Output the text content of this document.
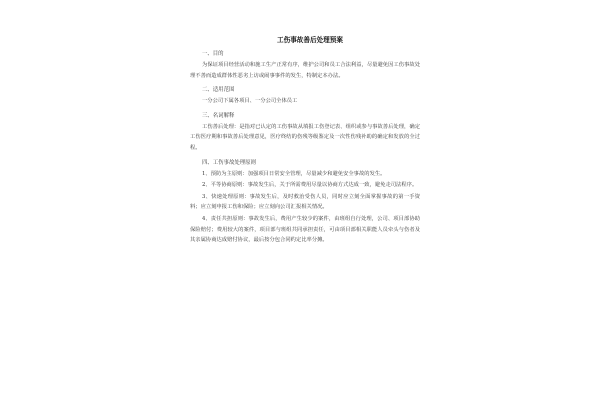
工伤事故善后处理预案
一、目的
为保证项目经营活动和施工生产正常有序，维护公司和员工合法利益，尽量避免因工伤事故处理不善而造成群体性恶劣上访或闹事事件的发生，特制定本办法。
二、适用范围
一分公司下属各项目、一分公司全体员工
三、名词解释
工伤善后处理：是指对已认定的工伤事故从填报工伤登记表、组织或参与事故善后处理，确定工伤医疗期和事故善后处理意见，医疗终结的伤残等级鉴定及一次性伤残补助的确定和发放的全过程。
四、工伤事故处理原则
1、预防为主原则：加强项目日常安全管理，尽量减少和避免安全事故的发生。
2、平等协商原则：事故发生后，关于所需费用尽量以协商方式达成一致，避免走司法程序。
3、快速处理原则：事故发生后，及时救治受伤人员，同时应立刻全面掌握事故的第一手资料；应立刻申报工伤和保险；应立刻向公司汇报相关情况。
4、责任共担原则：事故发生后，费用产生较少的案件，由班组自行处理，公司、项目部协助保险赔付；费用较大的案件，项目部与班组共同承担责任，可由项目部相关职能人员牵头与伤者及其亲属协商达成赔付协议，最后按分包合同约定比率分摊。
